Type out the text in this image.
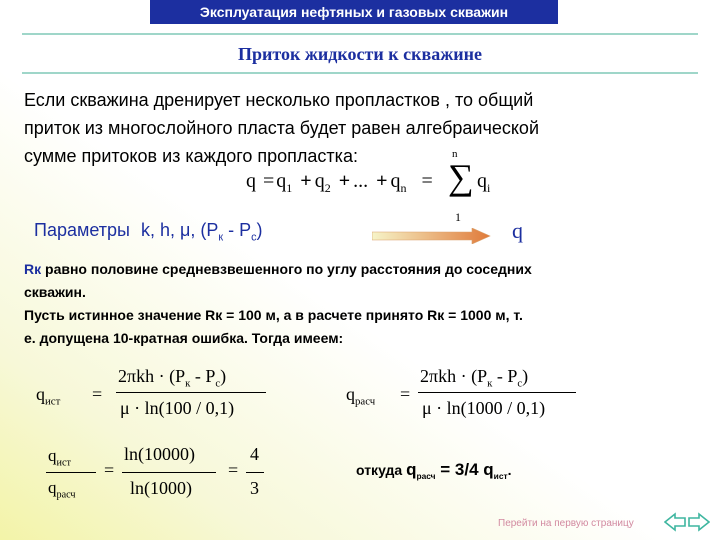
Эксплуатация нефтяных и газовых скважин
Приток жидкости к скважине
Если скважина дренирует несколько пропластков , то общий
приток из многослойного пласта будет равен алгебраической
сумме притоков из каждого пропластка:
$q = q_1 + q_2$ + ... + $q_n$ =
n
∑
1
$q_i$
Параметры k, h, μ, $(P_к - P_c)$	q
Rк равно половине средневзвешенного по углу расстояния до соседних
скважин.
Пусть истинное значение Rк = 100 м, а в расчете принято Rк = 1000 м, т.
е. допущена 10-кратная ошибка. Тогда имеем:
$q_{ист}$ =
$2\pi kh \cdot (P_к - P_c)$
μ · ln(100 / 0,1)
$q_{расч}$ =
$2\pi kh \cdot (P_к - P_c)$
μ · ln(1000 / 0,1)
$q_{ист}$
$q_{расч}$
=
ln(10000)
ln(1000)
=
4
3
откуда $q_{расч} = 3/4$ $q_{ист}$.
Перейти на первую страницу
